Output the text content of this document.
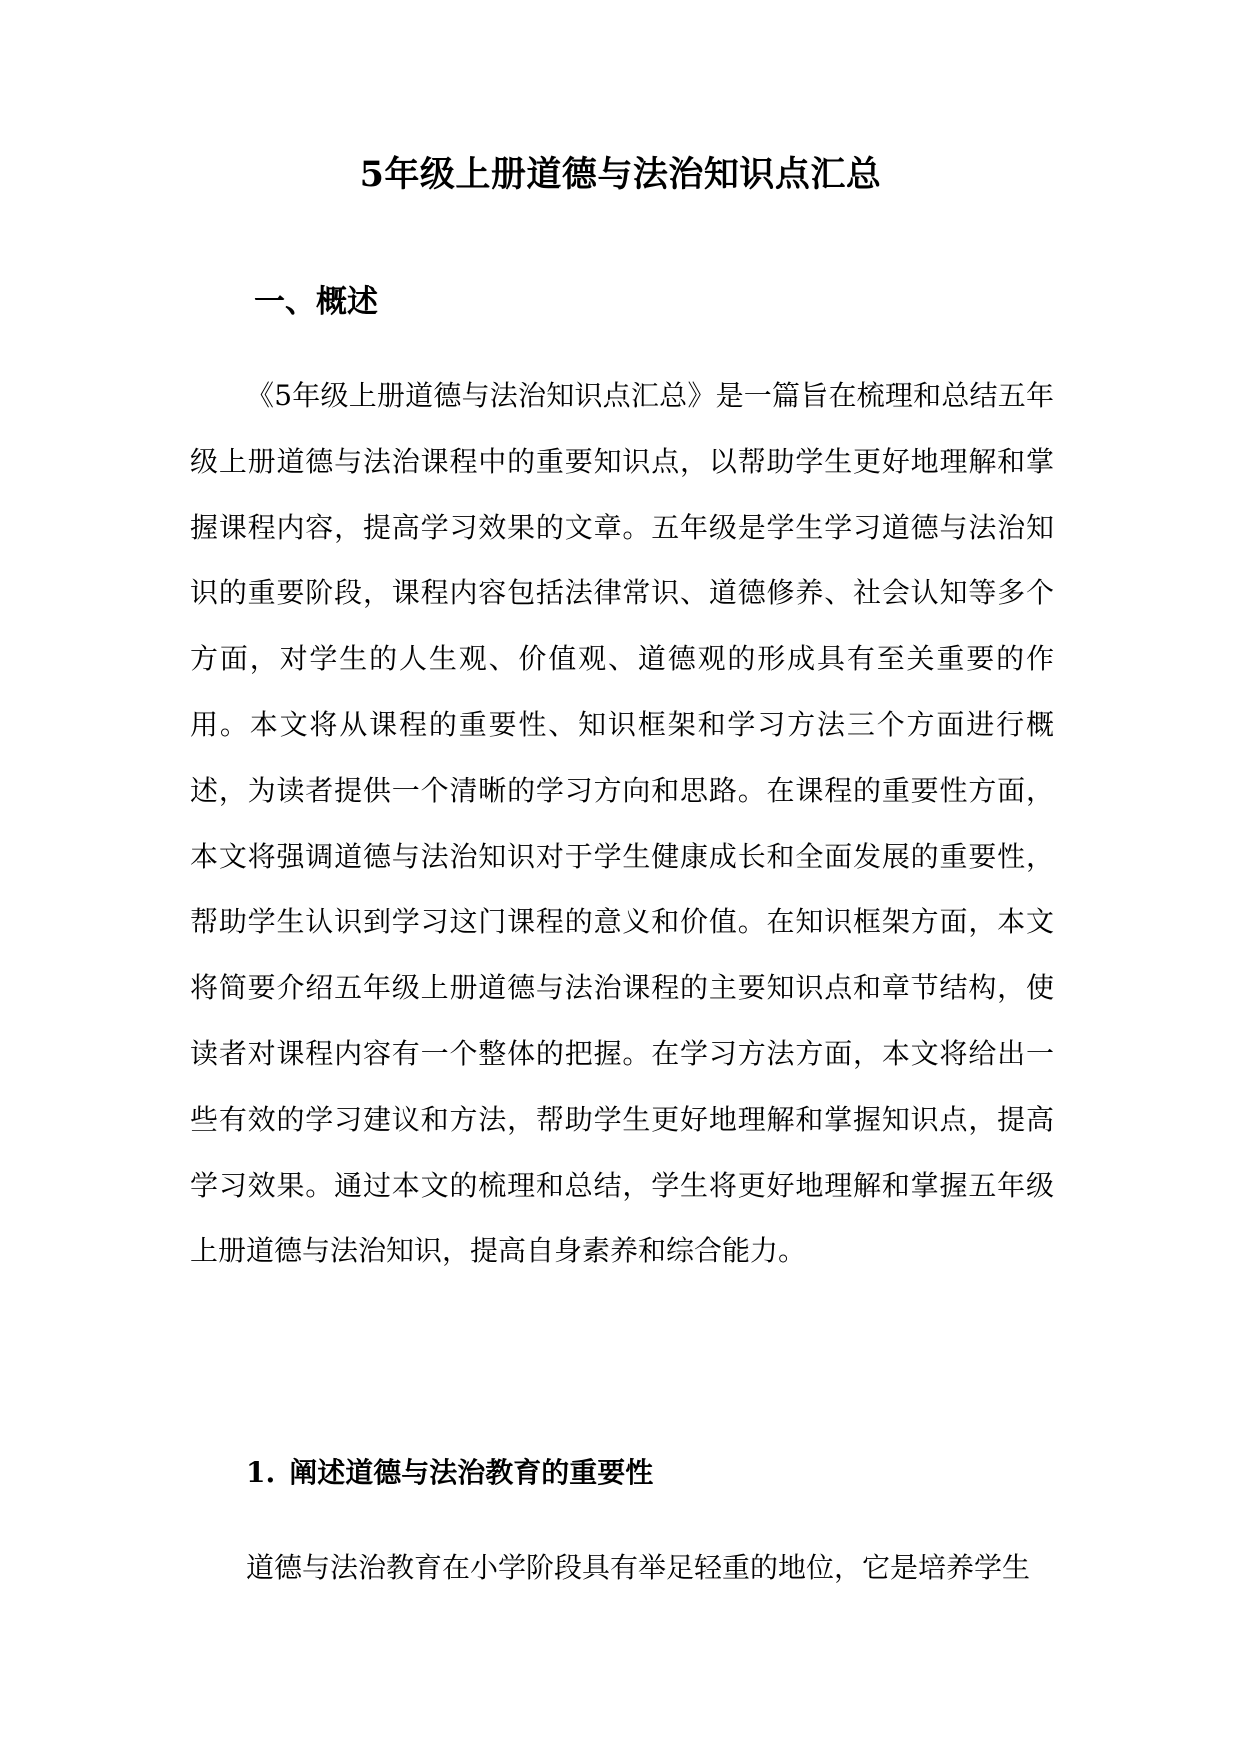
5年级上册道德与法治知识点汇总
一、概述

《5年级上册道德与法治知识点汇总》是一篇旨在梳理和总结五年级上册道德与法治课程中的重要知识点，以帮助学生更好地理解和掌握课程内容，提高学习效果的文章。五年级是学生学习道德与法治知识的重要阶段，课程内容包括法律常识、道德修养、社会认知等多个方面，对学生的人生观、价值观、道德观的形成具有至关重要的作用。本文将从课程的重要性、知识框架和学习方法三个方面进行概述，为读者提供一个清晰的学习方向和思路。在课程的重要性方面，本文将强调道德与法治知识对于学生健康成长和全面发展的重要性，帮助学生认识到学习这门课程的意义和价值。在知识框架方面，本文将简要介绍五年级上册道德与法治课程的主要知识点和章节结构，使读者对课程内容有一个整体的把握。在学习方法方面，本文将给出一些有效的学习建议和方法，帮助学生更好地理解和掌握知识点，提高学习效果。通过本文的梳理和总结，学生将更好地理解和掌握五年级上册道德与法治知识，提高自身素养和综合能力。

1. 阐述道德与法治教育的重要性

道德与法治教育在小学阶段具有举足轻重的地位，它是培养学生
